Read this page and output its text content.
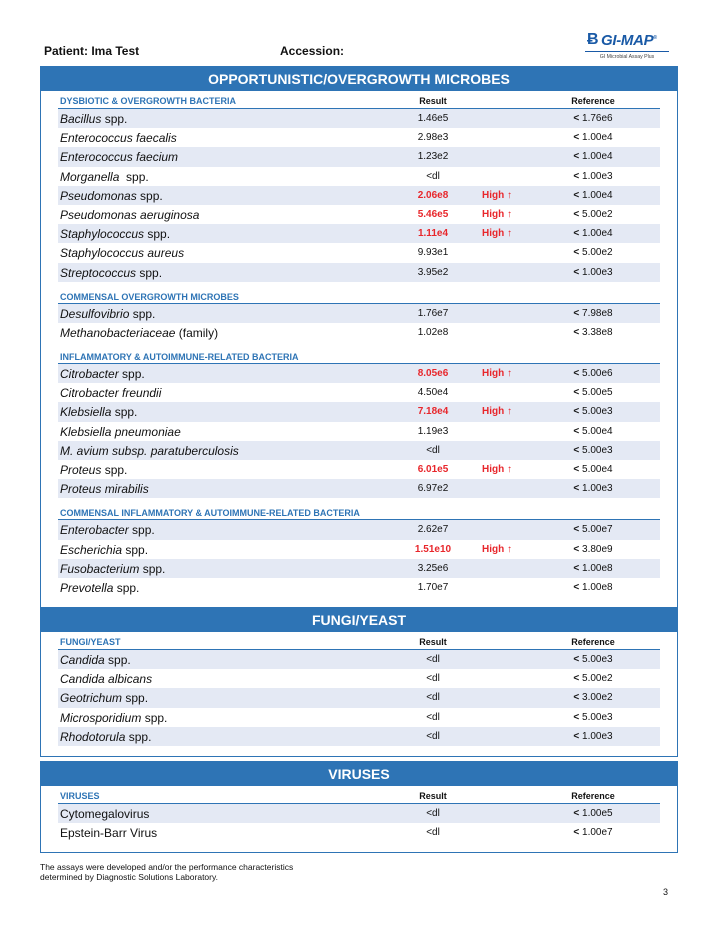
Patient: Ima Test	Accession:
Ƀ GI-MAP®
GI Microbial Assay Plus
OPPORTUNISTIC/OVERGROWTH MICROBES
DYSBIOTIC & OVERGROWTH BACTERIA	Result	Reference
Bacillus spp.	1.46e5	< 1.76e6
Enterococcus faecalis	2.98e3	< 1.00e4
Enterococcus faecium	1.23e2	< 1.00e4
Morganella  spp.	<dl	< 1.00e3
Pseudomonas spp.	2.06e8	High ↑	< 1.00e4
Pseudomonas aeruginosa	5.46e5	High ↑	< 5.00e2
Staphylococcus spp.	1.11e4	High ↑	< 1.00e4
Staphylococcus aureus	9.93e1	< 5.00e2
Streptococcus spp.	3.95e2	< 1.00e3
COMMENSAL OVERGROWTH MICROBES
Desulfovibrio spp.	1.76e7	< 7.98e8
Methanobacteriaceae (family)	1.02e8	< 3.38e8
INFLAMMATORY & AUTOIMMUNE-RELATED BACTERIA
Citrobacter spp.	8.05e6	High ↑	< 5.00e6
Citrobacter freundii	4.50e4	< 5.00e5
Klebsiella spp.	7.18e4	High ↑	< 5.00e3
Klebsiella pneumoniae	1.19e3	< 5.00e4
M. avium subsp. paratuberculosis	<dl	< 5.00e3
Proteus spp.	6.01e5	High ↑	< 5.00e4
Proteus mirabilis	6.97e2	< 1.00e3
COMMENSAL INFLAMMATORY & AUTOIMMUNE-RELATED BACTERIA
Enterobacter spp.	2.62e7	< 5.00e7
Escherichia spp.	1.51e10	High ↑	< 3.80e9
Fusobacterium spp.	3.25e6	< 1.00e8
Prevotella spp.	1.70e7	< 1.00e8
FUNGI/YEAST
FUNGI/YEAST	Result	Reference
Candida spp.	<dl	< 5.00e3
Candida albicans	<dl	< 5.00e2
Geotrichum spp.	<dl	< 3.00e2
Microsporidium spp.	<dl	< 5.00e3
Rhodotorula spp.	<dl	< 1.00e3
VIRUSES
VIRUSES	Result	Reference
Cytomegalovirus	<dl	< 1.00e5
Epstein-Barr Virus	<dl	< 1.00e7
The assays were developed and/or the performance characteristics
determined by Diagnostic Solutions Laboratory.
3
